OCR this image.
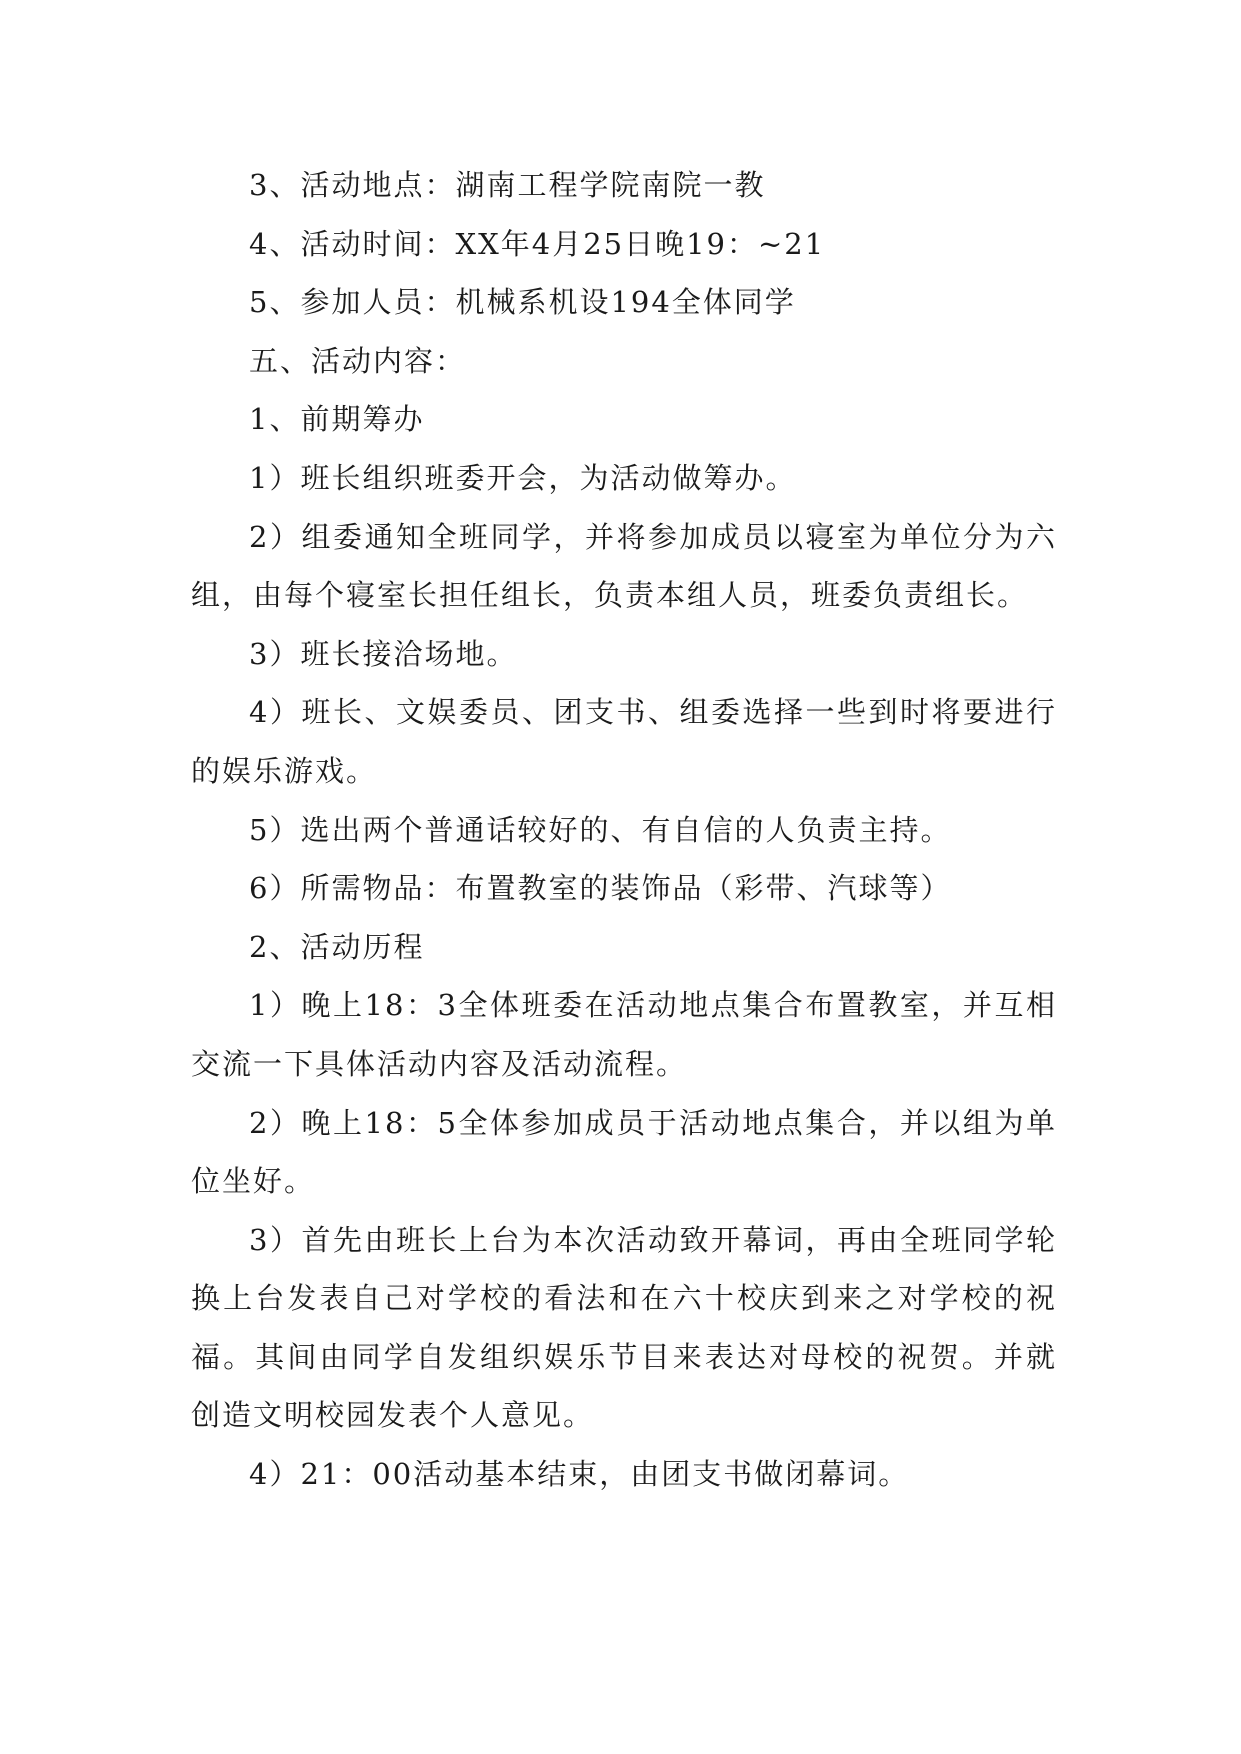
3、活动地点：湖南工程学院南院一教

4、活动时间：XX年4月25日晚19：~21

5、参加人员：机械系机设194全体同学

五、活动内容：

1、前期筹办

1）班长组织班委开会，为活动做筹办。

2）组委通知全班同学，并将参加成员以寝室为单位分为六组，由每个寝室长担任组长，负责本组人员，班委负责组长。

3）班长接洽场地。

4）班长、文娱委员、团支书、组委选择一些到时将要进行的娱乐游戏。

5）选出两个普通话较好的、有自信的人负责主持。

6）所需物品：布置教室的装饰品（彩带、汽球等）

2、活动历程

1）晚上18：3全体班委在活动地点集合布置教室，并互相交流一下具体活动内容及活动流程。

2）晚上18：5全体参加成员于活动地点集合，并以组为单位坐好。

3）首先由班长上台为本次活动致开幕词，再由全班同学轮换上台发表自己对学校的看法和在六十校庆到来之对学校的祝福。其间由同学自发组织娱乐节目来表达对母校的祝贺。并就创造文明校园发表个人意见。

4）21：00活动基本结束，由团支书做闭幕词。
